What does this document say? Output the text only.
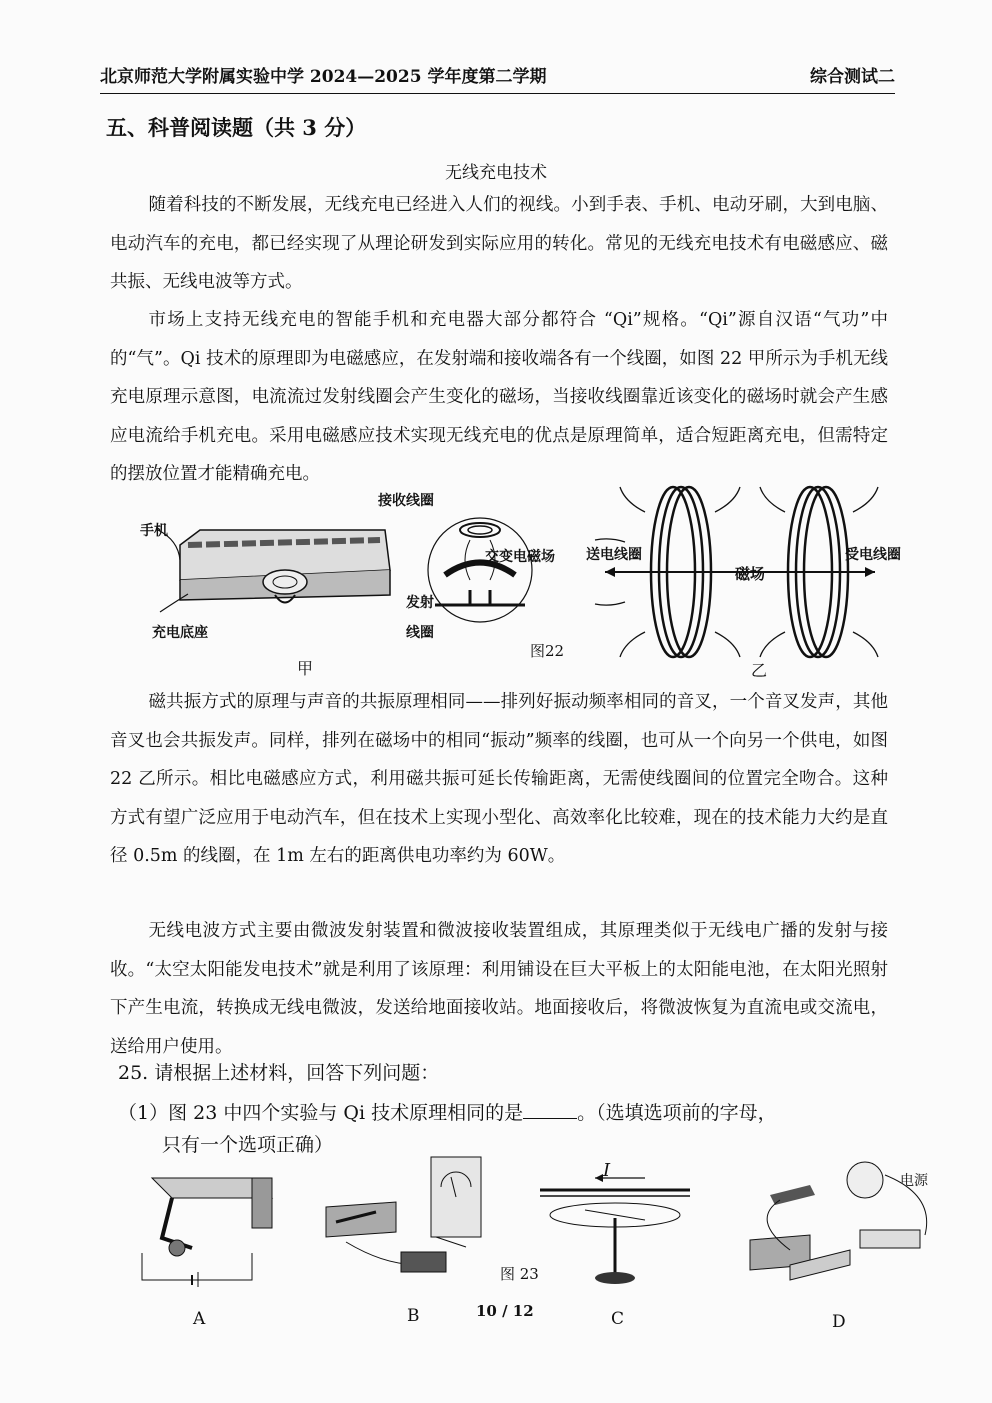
北京师范大学附属实验中学 2024—2025 学年度第二学期	综合测试二
五、科普阅读题（共 3 分）
无线充电技术

随着科技的不断发展，无线充电已经进入人们的视线。小到手表、手机、电动牙刷，大到电脑、电动汽车的充电，都已经实现了从理论研发到实际应用的转化。常见的无线充电技术有电磁感应、磁共振、无线电波等方式。

市场上支持无线充电的智能手机和充电器大部分都符合 “Qi”规格。“Qi”源自汉语“气功”中的“气”。Qi 技术的原理即为电磁感应，在发射端和接收端各有一个线圈，如图 22 甲所示为手机无线充电原理示意图，电流流过发射线圈会产生变化的磁场，当接收线圈靠近该变化的磁场时就会产生感应电流给手机充电。采用电磁感应技术实现无线充电的优点是原理简单，适合短距离充电，但需特定的摆放位置才能精确充电。

手机
充电底座
接收线圈
交变电磁场
发射
线圈
甲
图22
送电线圈
磁场
受电线圈
乙

磁共振方式的原理与声音的共振原理相同——排列好振动频率相同的音叉，一个音叉发声，其他音叉也会共振发声。同样，排列在磁场中的相同“振动”频率的线圈，也可从一个向另一个供电，如图 22 乙所示。相比电磁感应方式，利用磁共振可延长传输距离，无需使线圈间的位置完全吻合。这种方式有望广泛应用于电动汽车，但在技术上实现小型化、高效率化比较难，现在的技术能力大约是直径 0.5m 的线圈，在 1m 左右的距离供电功率约为 60W。

无线电波方式主要由微波发射装置和微波接收装置组成，其原理类似于无线电广播的发射与接收。“太空太阳能发电技术”就是利用了该原理：利用铺设在巨大平板上的太阳能电池，在太阳光照射下产生电流，转换成无线电微波，发送给地面接收站。地面接收后，将微波恢复为直流电或交流电，送给用户使用。

25. 请根据上述材料，回答下列问题：
（1）图 23 中四个实验与 Qi 技术原理相同的是	。（选填选项前的字母，
只有一个选项正确）
I	电源
图 23
A	B	C	D
10 / 12
